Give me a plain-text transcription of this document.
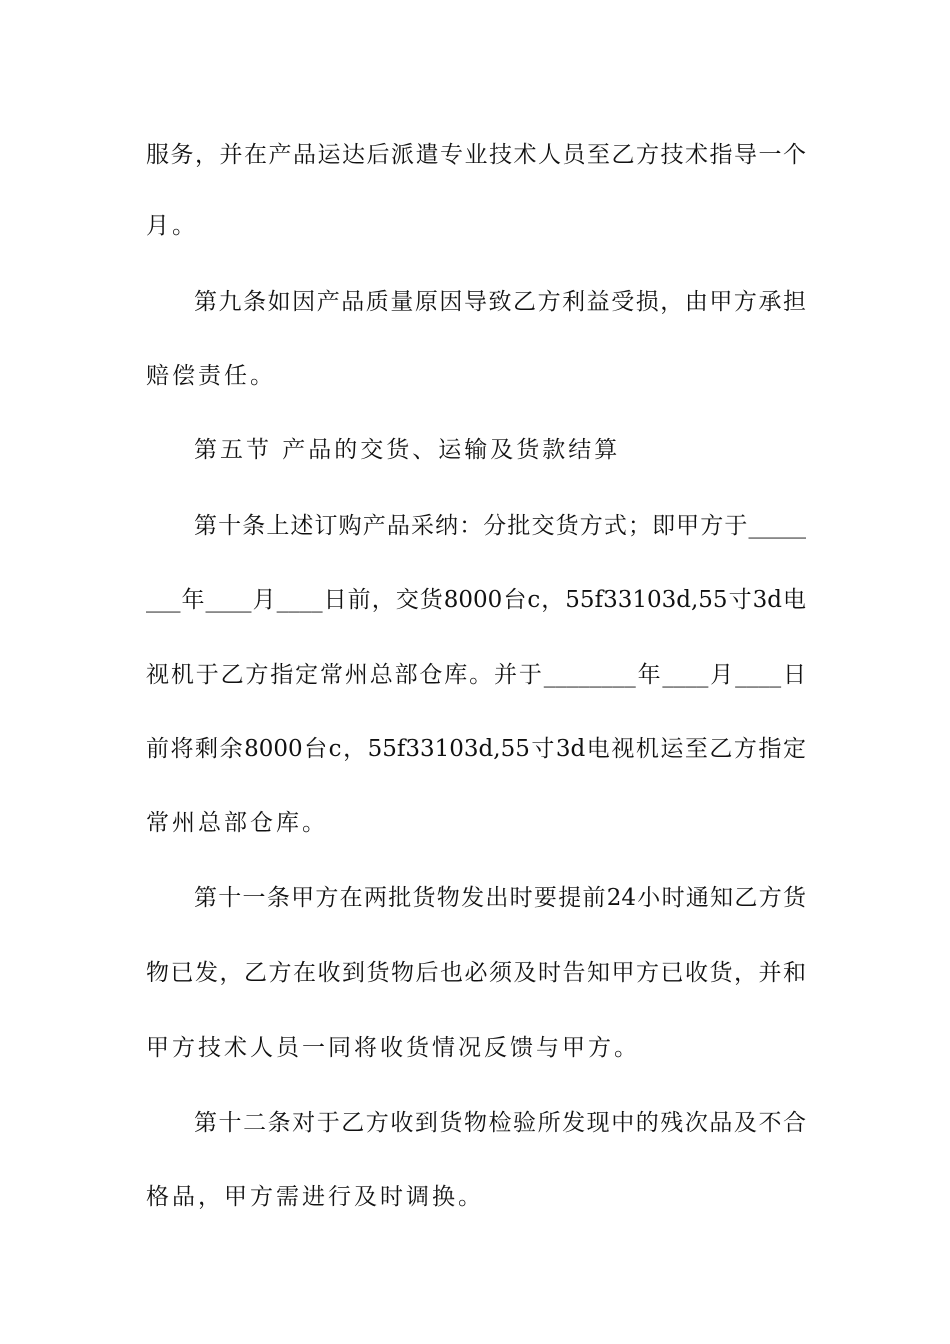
服务，并在产品运达后派遣专业技术人员至乙方技术指导一个
月。
第九条如因产品质量原因导致乙方利益受损，由甲方承担
赔偿责任。
第五节 产品的交货、运输及货款结算
第十条上述订购产品采纳：分批交货方式；即甲方于_____
___年____月____日前，交货8000台c，55f33103d,55寸3d电
视机于乙方指定常州总部仓库。并于________年____月____日
前将剩余8000台c，55f33103d,55寸3d电视机运至乙方指定
常州总部仓库。
第十一条甲方在两批货物发出时要提前24小时通知乙方货
物已发，乙方在收到货物后也必须及时告知甲方已收货，并和
甲方技术人员一同将收货情况反馈与甲方。
第十二条对于乙方收到货物检验所发现中的残次品及不合
格品，甲方需进行及时调换。
